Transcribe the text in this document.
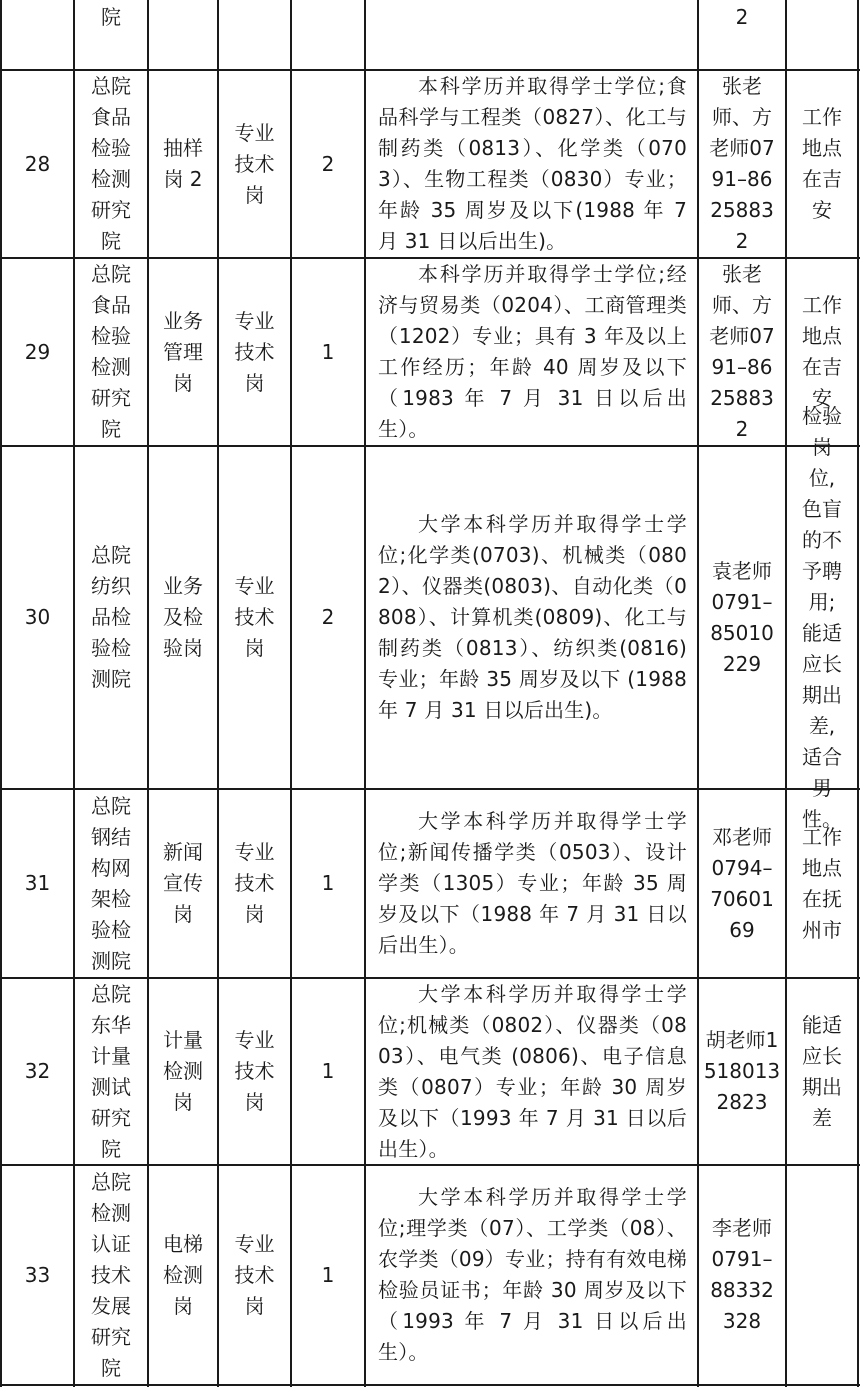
院	2
28
总院食品检验检测研究院
抽样岗 2
专业技术岗
2
本科学历并取得学士学位;食品科学与工程类（0827）、化工与制药类（0813）、化学类（0703）、生物工程类（0830）专业；年龄 35 周岁及以下(1988 年 7 月 31 日以后出生)。
张老师、方老师0791–86258832
工作地点在吉安
29
总院食品检验检测研究院
业务管理岗
专业技术岗
1
本科学历并取得学士学位;经济与贸易类（0204）、工商管理类（1202）专业；具有 3 年及以上工作经历；年龄 40 周岁及以下（1983 年 7 月 31 日以后出生）。
张老师、方老师0791–86258832
工作地点在吉安
30
总院纺织品检验检测院
业务及检验岗
专业技术岗
2
大学本科学历并取得学士学位;化学类(0703)、机械类（0802）、仪器类(0803)、自动化类（0808）、计算机类(0809)、化工与制药类（0813）、纺织类(0816)专业；年龄 35 周岁及以下 (1988 年 7 月 31 日以后出生)。
袁老师0791–85010229
检验岗位,色盲的不予聘用;能适应长期出差,适合男性。
31
总院钢结构网架检验检测院
新闻宣传岗
专业技术岗
1
大学本科学历并取得学士学位;新闻传播学类（0503）、设计学类（1305）专业；年龄 35 周岁及以下（1988 年 7 月 31 日以后出生）。
邓老师0794–7060169
工作地点在抚州市
32
总院东华计量测试研究院
计量检测岗
专业技术岗
1
大学本科学历并取得学士学位;机械类（0802）、仪器类（0803）、电气类 (0806)、电子信息类（0807）专业；年龄 30 周岁及以下（1993 年 7 月 31 日以后出生）。
胡老师15180132823
能适应长期出差
33
总院检测认证技术发展研究院
电梯检测岗
专业技术岗
1
大学本科学历并取得学士学位;理学类（07）、工学类（08）、农学类（09）专业；持有有效电梯检验员证书；年龄 30 周岁及以下（1993 年 7 月 31 日以后出生）。
李老师0791–88332328
